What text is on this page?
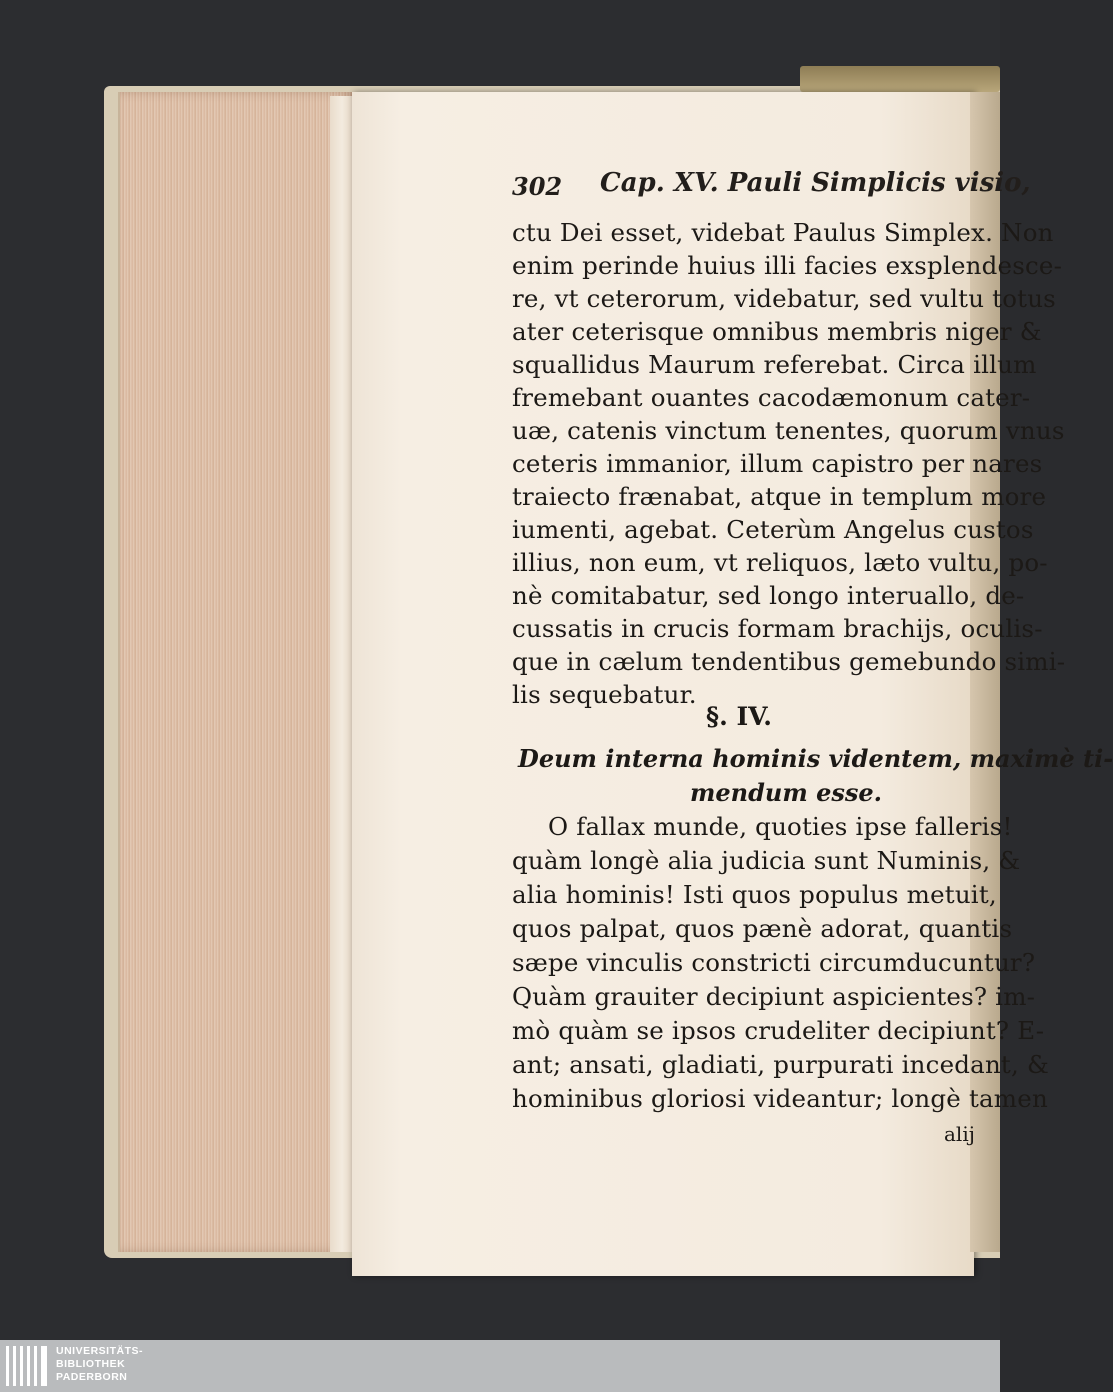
302 Cap. XV. Pauli Simplicis visio,
ctu Dei esset, videbat Paulus Simplex. Non
enim perinde huius illi facies exsplendesce-
re, vt ceterorum, videbatur, sed vultu totus
ater ceterisque omnibus membris niger &
squallidus Maurum referebat. Circa illum
fremebant ouantes cacodæmonum cater-
uæ, catenis vinctum tenentes, quorum vnus
ceteris immanior, illum capistro per nares
traiecto frænabat, atque in templum more
iumenti, agebat. Ceterùm Angelus custos
illius, non eum, vt reliquos, læto vultu, po-
nè comitabatur, sed longo interuallo, de-
cussatis in crucis formam brachijs, oculis-
que in cælum tendentibus gemebundo simi-
lis sequebatur.
§. IV.
Deum interna hominis videntem, maximè ti-
mendum esse.
O fallax munde, quoties ipse falleris!
quàm longè alia judicia sunt Numinis, &
alia hominis! Isti quos populus metuit,
quos palpat, quos pænè adorat, quantis
sæpe vinculis constricti circumducuntur?
Quàm grauiter decipiunt aspicientes? im-
mò quàm se ipsos crudeliter decipiunt? E-
ant; ansati, gladiati, purpurati incedant, &
hominibus gloriosi videantur; longè tamen
alij
UNIVERSITÄTS-
BIBLIOTHEK
PADERBORN
